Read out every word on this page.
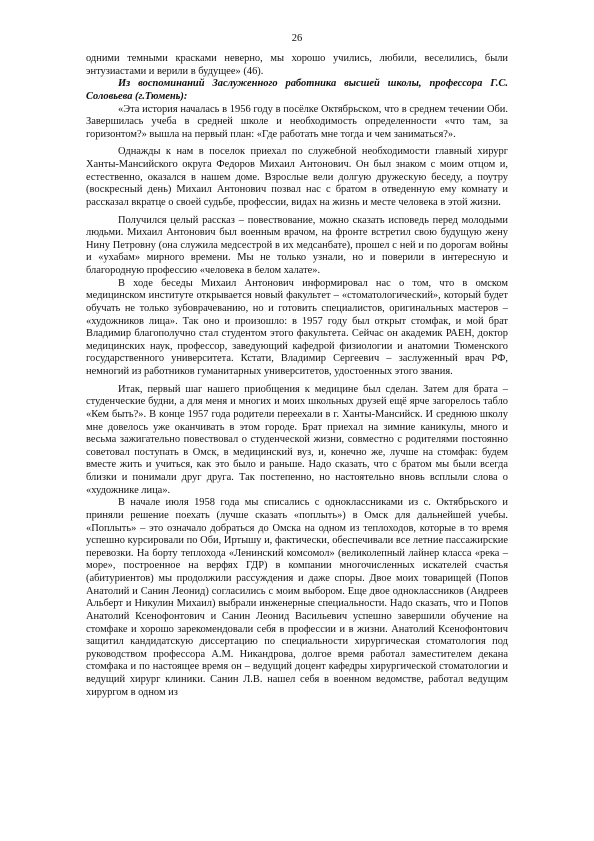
26

одними темными красками неверно, мы хорошо учились, любили, веселились, были энтузиастами и верили в будущее» (46).

Из воспоминаний Заслуженного работника высшей школы, профессора Г.С. Соловьева (г.Тюмень):

«Эта история началась в 1956 году в посёлке Октябрьском, что в среднем течении Оби. Завершилась учеба в средней школе и необходимость определенности «что там, за горизонтом?» вышла на первый план: «Где работать мне тогда и чем заниматься?».

Однажды к нам в поселок приехал по служебной необходимости главный хирург Ханты-Мансийского округа Федоров Михаил Антонович. Он был знаком с моим отцом и, естественно, оказался в нашем доме. Взрослые вели долгую дружескую беседу, а поутру (воскресный день) Михаил Антонович позвал нас с братом в отведенную ему комнату и рассказал вкратце о своей судьбе, профессии, видах на жизнь и месте человека в этой жизни.

Получился целый рассказ – повествование, можно сказать исповедь перед молодыми людьми. Михаил Антонович был военным врачом, на фронте встретил свою будущую жену Нину Петровну (она служила медсестрой в их медсанбате), прошел с ней и по дорогам войны и «ухабам» мирного времени. Мы не только узнали, но и поверили в интересную и благородную профессию «человека в белом халате».

В ходе беседы Михаил Антонович информировал нас о том, что в омском медицинском институте открывается новый факультет – «стоматологический», который будет обучать не только зубоврачеванию, но и готовить специалистов, оригинальных мастеров – «художников лица». Так оно и произошло: в 1957 году был открыт стомфак, и мой брат Владимир благополучно стал студентом этого факультета. Сейчас он академик РАЕН, доктор медицинских наук, профессор, заведующий кафедрой физиологии и анатомии Тюменского государственного университета. Кстати, Владимир Сергеевич – заслуженный врач РФ, немногий из работников гуманитарных университетов, удостоенных этого звания.

Итак, первый шаг нашего приобщения к медицине был сделан. Затем для брата – студенческие будни, а для меня и многих и моих школьных друзей ещё ярче загорелось табло «Кем быть?». В конце 1957 года родители переехали в г. Ханты-Мансийск. И среднюю школу мне довелось уже оканчивать в этом городе. Брат приехал на зимние каникулы, много и весьма зажигательно повествовал о студенческой жизни, совместно с родителями постоянно советовал поступать в Омск, в медицинский вуз, и, конечно же, лучше на стомфак: будем вместе жить и учиться, как это было и раньше. Надо сказать, что с братом мы были всегда близки и понимали друг друга. Так постепенно, но настоятельно вновь всплыли слова о «художнике лица».

В начале июля 1958 года мы списались с одноклассниками из с. Октябрьского и приняли решение поехать (лучше сказать «поплыть») в Омск для дальнейшей учебы. «Поплыть» – это означало добраться до Омска на одном из теплоходов, которые в то время успешно курсировали по Оби, Иртышу и, фактически, обеспечивали все летние пассажирские перевозки. На борту теплохода «Ленинский комсомол» (великолепный лайнер класса «река – море», построенное на верфях ГДР) в компании многочисленных искателей счастья (абитуриентов) мы продолжили рассуждения и даже споры. Двое моих товарищей (Попов Анатолий и Санин Леонид) согласились с моим выбором. Еще двое одноклассников (Андреев Альберт и Никулин Михаил) выбрали инженерные специальности. Надо сказать, что и Попов Анатолий Ксенофонтович и Санин Леонид Васильевич успешно завершили обучение на стомфаке и хорошо зарекомендовали себя в профессии и в жизни. Анатолий Ксенофонтович защитил кандидатскую диссертацию по специальности хирургическая стоматология под руководством профессора А.М. Никандрова, долгое время работал заместителем декана стомфака и по настоящее время он – ведущий доцент кафедры хирургической стоматологии и ведущий хирург клиники. Санин Л.В. нашел себя в военном ведомстве, работал ведущим хирургом в одном из
